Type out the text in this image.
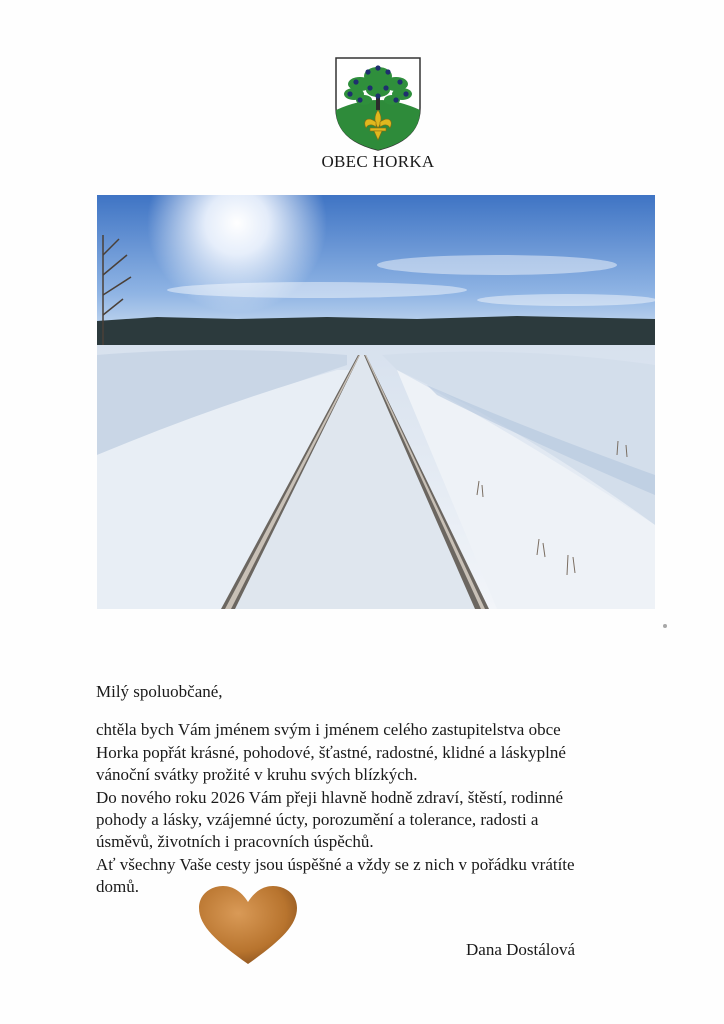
OBEC HORKA

Milý spoluobčané,

chtěla bych Vám jménem svým i jménem celého zastupitelstva obce
Horka popřát krásné, pohodové, šťastné, radostné, klidné a láskyplné
vánoční svátky prožité v kruhu svých blízkých.
Do nového roku 2026 Vám přeji hlavně hodně zdraví, štěstí, rodinné
pohody a lásky, vzájemné úcty, porozumění a tolerance, radosti a
úsměvů, životních i pracovních úspěchů.
Ať všechny Vaše cesty jsou úspěšné a vždy se z nich v pořádku vrátíte
domů.

Dana Dostálová
